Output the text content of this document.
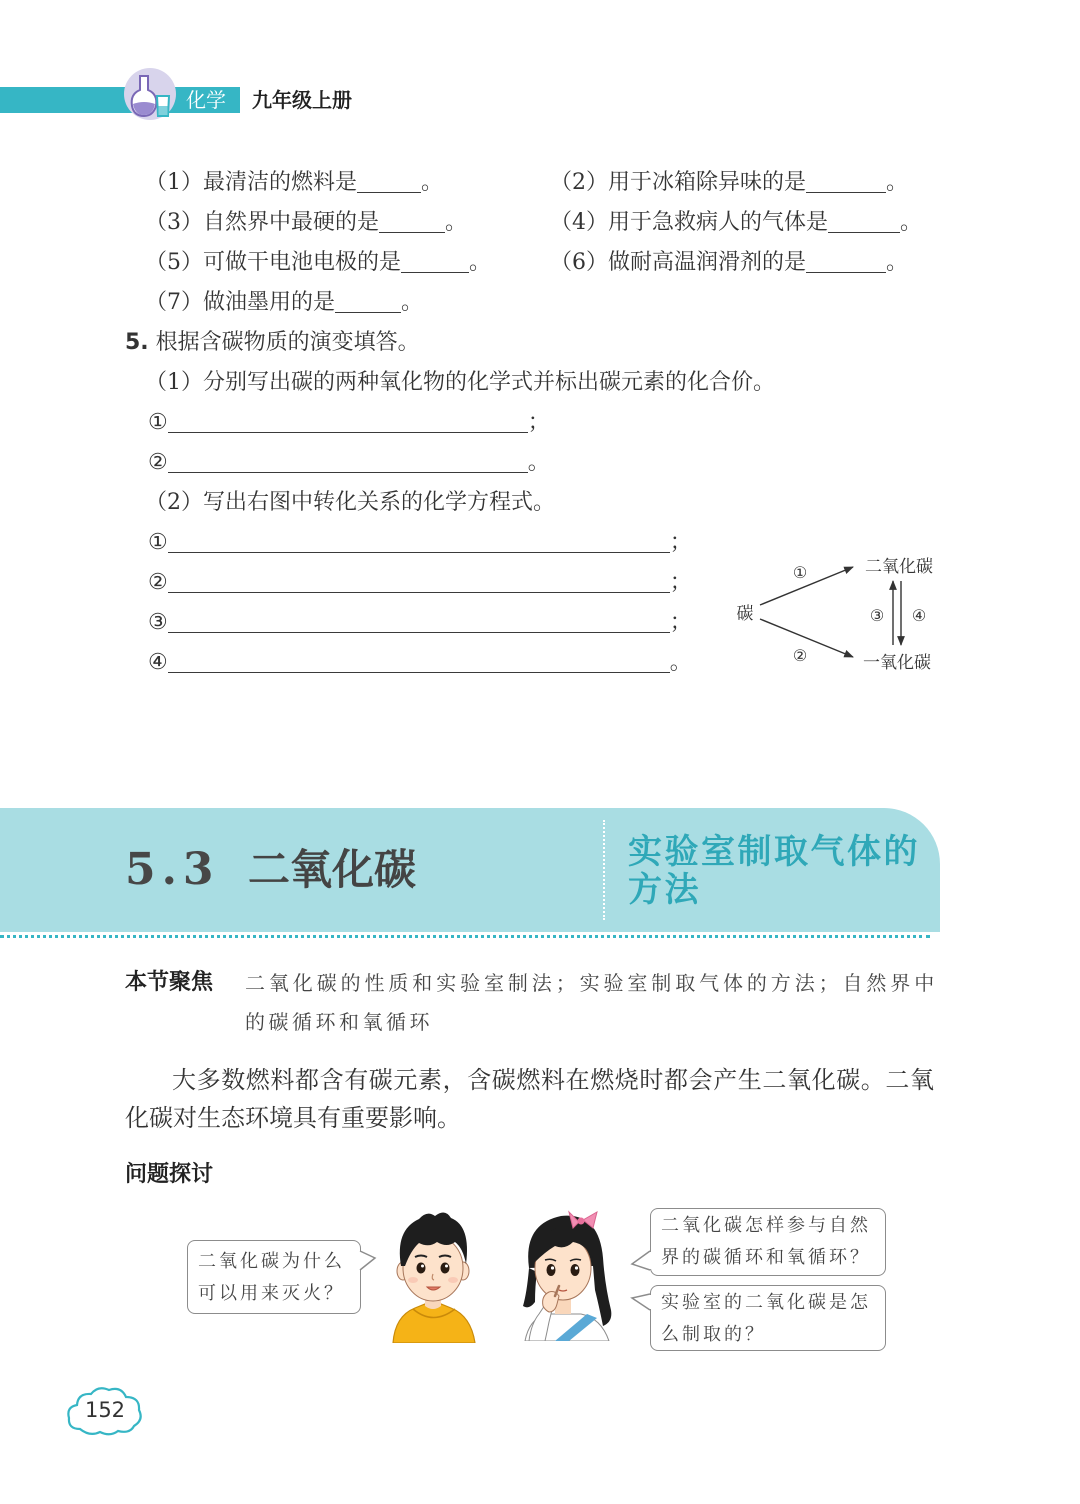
化学 九年级上册
（1）最清洁的燃料是	。	（2）用于冰箱除异味的是	。
（3）自然界中最硬的是	。	（4）用于急救病人的气体是	。
（5）可做干电池电极的是	。	（6）做耐高温润滑剂的是	。
（7）做油墨用的是	。
5. 根据含碳物质的演变填答。
（1）分别写出碳的两种氧化物的化学式并标出碳元素的化合价。
①	；
②	。
（2）写出右图中转化关系的化学方程式。
①	；
②	；
③	；
④	。
碳
二氧化碳
一氧化碳
①
②
③ ④
5.3 二氧化碳	实验室制取气体的
方法
本节聚焦 二氧化碳的性质和实验室制法；实验室制取气体的方法；自然界中
的碳循环和氧循环
大多数燃料都含有碳元素，含碳燃料在燃烧时都会产生二氧化碳。二氧
化碳对生态环境具有重要影响。
问题探讨
二氧化碳为什么
可以用来灭火？
二氧化碳怎样参与自然
界的碳循环和氧循环？
实验室的二氧化碳是怎
么制取的？
152
